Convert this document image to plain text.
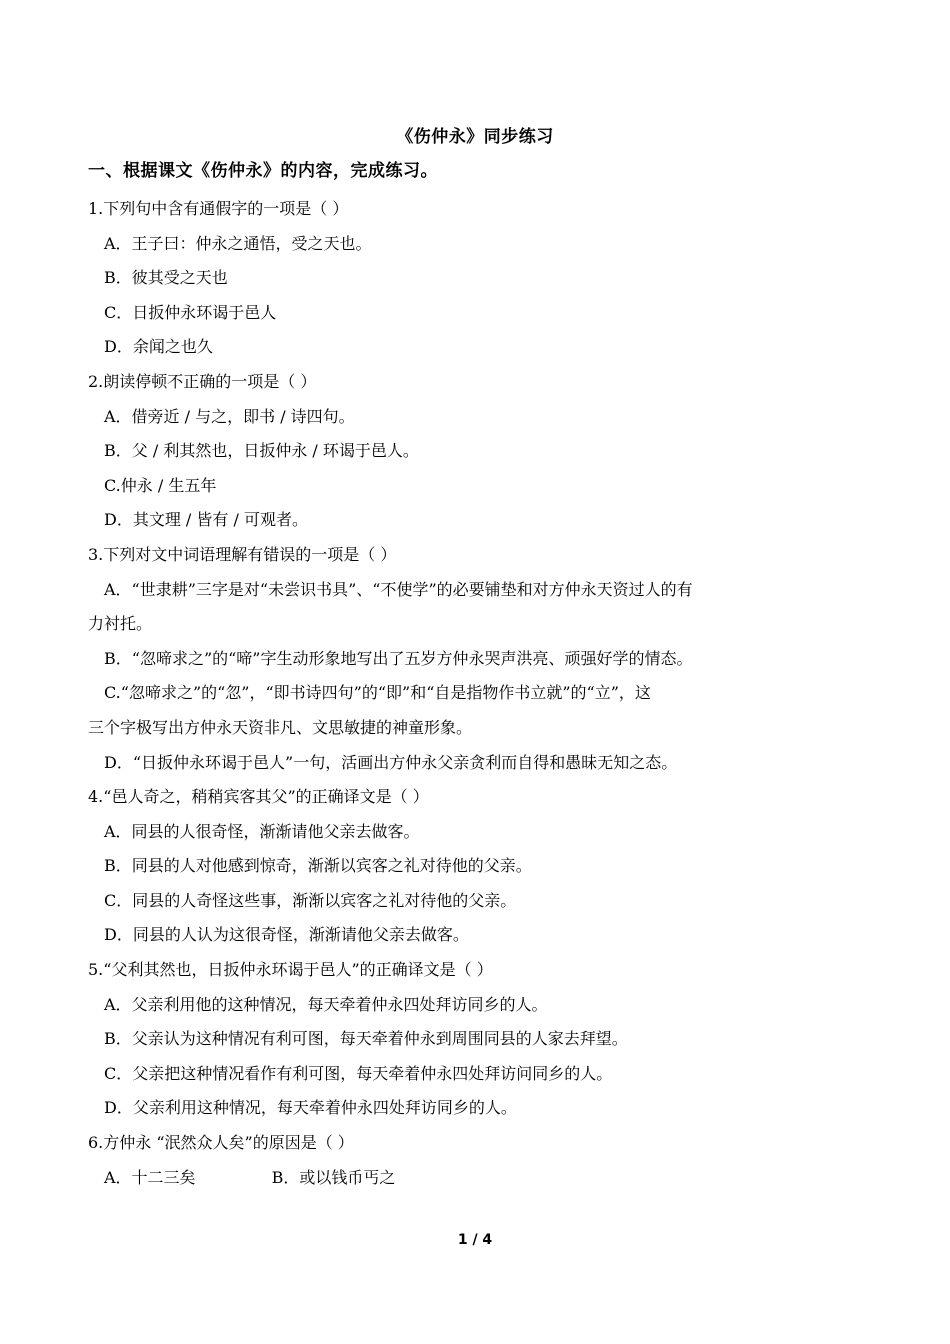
《伤仲永》同步练习
一、根据课文《伤仲永》的内容，完成练习。
1.下列句中含有通假字的一项是（ ）
A．王子曰：仲永之通悟，受之天也。
B．彼其受之天也
C．日扳仲永环谒于邑人
D．余闻之也久
2.朗读停顿不正确的一项是（ ）
A．借旁近 / 与之，即书 / 诗四句。
B．父 / 利其然也，日扳仲永 / 环谒于邑人。
C.仲永 / 生五年
D．其文理 / 皆有 / 可观者。
3.下列对文中词语理解有错误的一项是（ ）
A．“世隶耕”三字是对“未尝识书具”、“不使学”的必要铺垫和对方仲永天资过人的有
力衬托。
B．“忽啼求之”的“啼”字生动形象地写出了五岁方仲永哭声洪亮、顽强好学的情态。
C.“忽啼求之”的“忽”，“即书诗四句”的“即”和“自是指物作书立就”的“立”，这
三个字极写出方仲永天资非凡、文思敏捷的神童形象。
D．“日扳仲永环谒于邑人”一句，活画出方仲永父亲贪利而自得和愚昧无知之态。
4.“邑人奇之，稍稍宾客其父”的正确译文是（ ）
A．同县的人很奇怪，渐渐请他父亲去做客。
B．同县的人对他感到惊奇，渐渐以宾客之礼对待他的父亲。
C．同县的人奇怪这些事，渐渐以宾客之礼对待他的父亲。
D．同县的人认为这很奇怪，渐渐请他父亲去做客。
5.“父利其然也，日扳仲永环谒于邑人”的正确译文是（ ）
A．父亲利用他的这种情况，每天牵着仲永四处拜访同乡的人。
B．父亲认为这种情况有利可图，每天牵着仲永到周围同县的人家去拜望。
C．父亲把这种情况看作有利可图，每天牵着仲永四处拜访问同乡的人。
D．父亲利用这种情况，每天牵着仲永四处拜访同乡的人。
6.方仲永 “泯然众人矣”的原因是（ ）
A．十二三矣	B．或以钱币丐之
1 / 4
